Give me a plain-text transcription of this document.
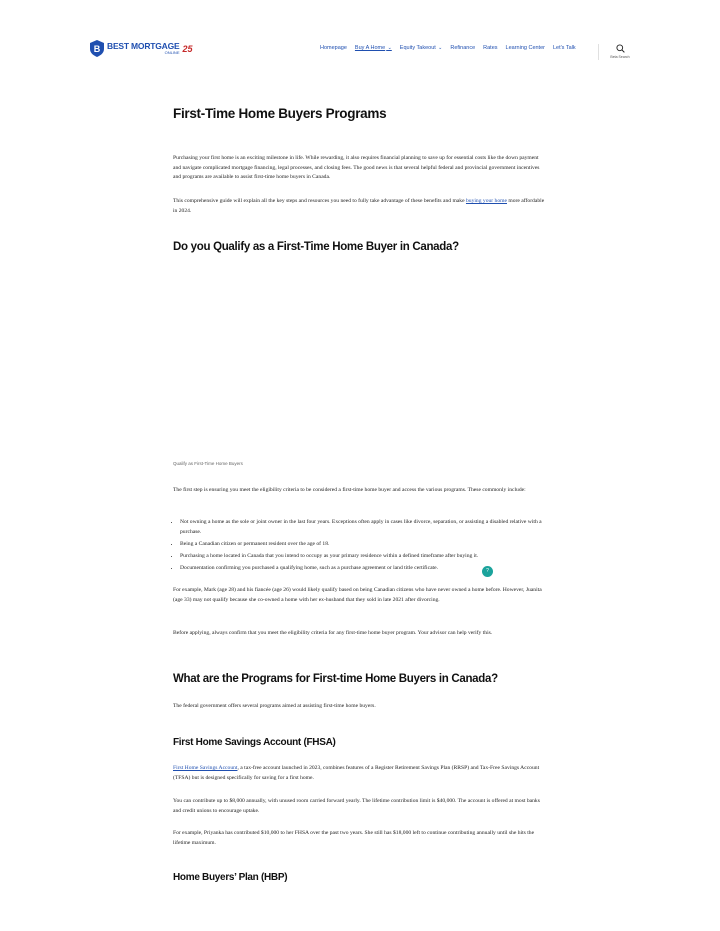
B BEST MORTGAGE
ONLINE 25	Homepage Buy A Home ⌄ Equity Takeout ⌄ Refinance Rates Learning Center Let's Talk
Beta Search
First-Time Home Buyers Programs

Purchasing your first home is an exciting milestone in life. While rewarding, it also requires financial planning to save up for essential costs like the down payment and navigate complicated mortgage financing, legal processes, and closing fees. The good news is that several helpful federal and provincial government incentives and programs are available to assist first-time home buyers in Canada.

This comprehensive guide will explain all the key steps and resources you need to fully take advantage of these benefits and make buying your home more affordable in 2024.

Do you Qualify as a First-Time Home Buyer in Canada?
Qualify as First-Time Home Buyers

The first step is ensuring you meet the eligibility criteria to be considered a first-time home buyer and access the various programs. These commonly include:

• Not owning a home as the sole or joint owner in the last four years. Exceptions often apply in cases like divorce, separation, or assisting a disabled relative with a purchase.
• Being a Canadian citizen or permanent resident over the age of 18.
• Purchasing a home located in Canada that you intend to occupy as your primary residence within a defined timeframe after buying it.
• Documentation confirming you purchased a qualifying home, such as a purchase agreement or land title certificate.
?

For example, Mark (age 28) and his fiancée (age 26) would likely qualify based on being Canadian citizens who have never owned a home before. However, Juanita (age 33) may not qualify because she co-owned a home with her ex-husband that they sold in late 2021 after divorcing.

Before applying, always confirm that you meet the eligibility criteria for any first-time home buyer program. Your advisor can help verify this.

What are the Programs for First-time Home Buyers in Canada?

The federal government offers several programs aimed at assisting first-time home buyers.

First Home Savings Account (FHSA)

First Home Savings Account, a tax-free account launched in 2023, combines features of a Register Retirement Savings Plan (RRSP) and Tax-Free Savings Account (TFSA) but is designed specifically for saving for a first home.

You can contribute up to $8,000 annually, with unused room carried forward yearly. The lifetime contribution limit is $40,000. The account is offered at most banks and credit unions to encourage uptake.

For example, Priyanka has contributed $10,000 to her FHSA over the past two years. She still has $18,000 left to continue contributing annually until she hits the lifetime maximum.

Home Buyers’ Plan (HBP)
